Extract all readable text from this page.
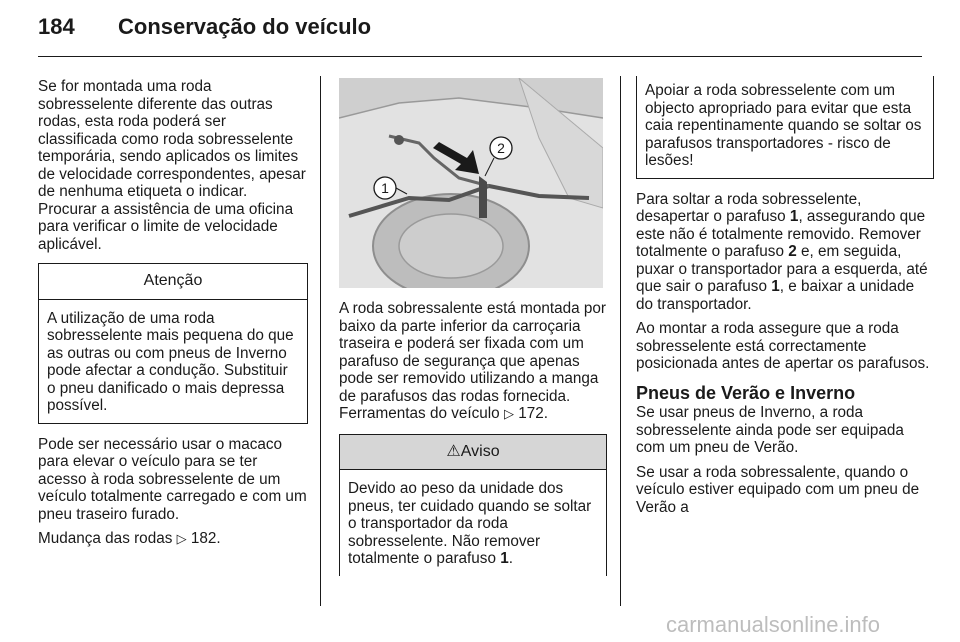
184 Conservação do veículo

Se for montada uma roda sobresselente diferente das outras rodas, esta roda poderá ser classificada como roda sobresselente temporária, sendo aplicados os limites de velocidade correspondentes, apesar de nenhuma etiqueta o indicar. Procurar a assistência de uma oficina para verificar o limite de velocidade aplicável.

Atenção
A utilização de uma roda sobresselente mais pequena do que as outras ou com pneus de Inverno pode afectar a condução. Substituir o pneu danificado o mais depressa possível.

Pode ser necessário usar o macaco para elevar o veículo para se ter acesso à roda sobresselente de um veículo totalmente carregado e com um pneu traseiro furado.

Mudança das rodas ▷ 182.

1
2

A roda sobressalente está montada por baixo da parte inferior da carroçaria traseira e poderá ser fixada com um parafuso de segurança que apenas pode ser removido utilizando a manga de parafusos das rodas fornecida. Ferramentas do veículo ▷ 172.

⚠Aviso
Devido ao peso da unidade dos pneus, ter cuidado quando se soltar o transportador da roda sobresselente. Não remover totalmente o parafuso 1.
Apoiar a roda sobresselente com um objecto apropriado para evitar que esta caia repentinamente quando se soltar os parafusos transportadores - risco de lesões!

Para soltar a roda sobresselente, desapertar o parafuso 1, assegurando que este não é totalmente removido. Remover totalmente o parafuso 2 e, em seguida, puxar o transportador para a esquerda, até que sair o parafuso 1, e baixar a unidade do transportador.

Ao montar a roda assegure que a roda sobresselente está correctamente posicionada antes de apertar os parafusos.

Pneus de Verão e Inverno

Se usar pneus de Inverno, a roda sobresselente ainda pode ser equipada com um pneu de Verão.

Se usar a roda sobressalente, quando o veículo estiver equipado com um pneu de Verão a

carmanualsonline.info
